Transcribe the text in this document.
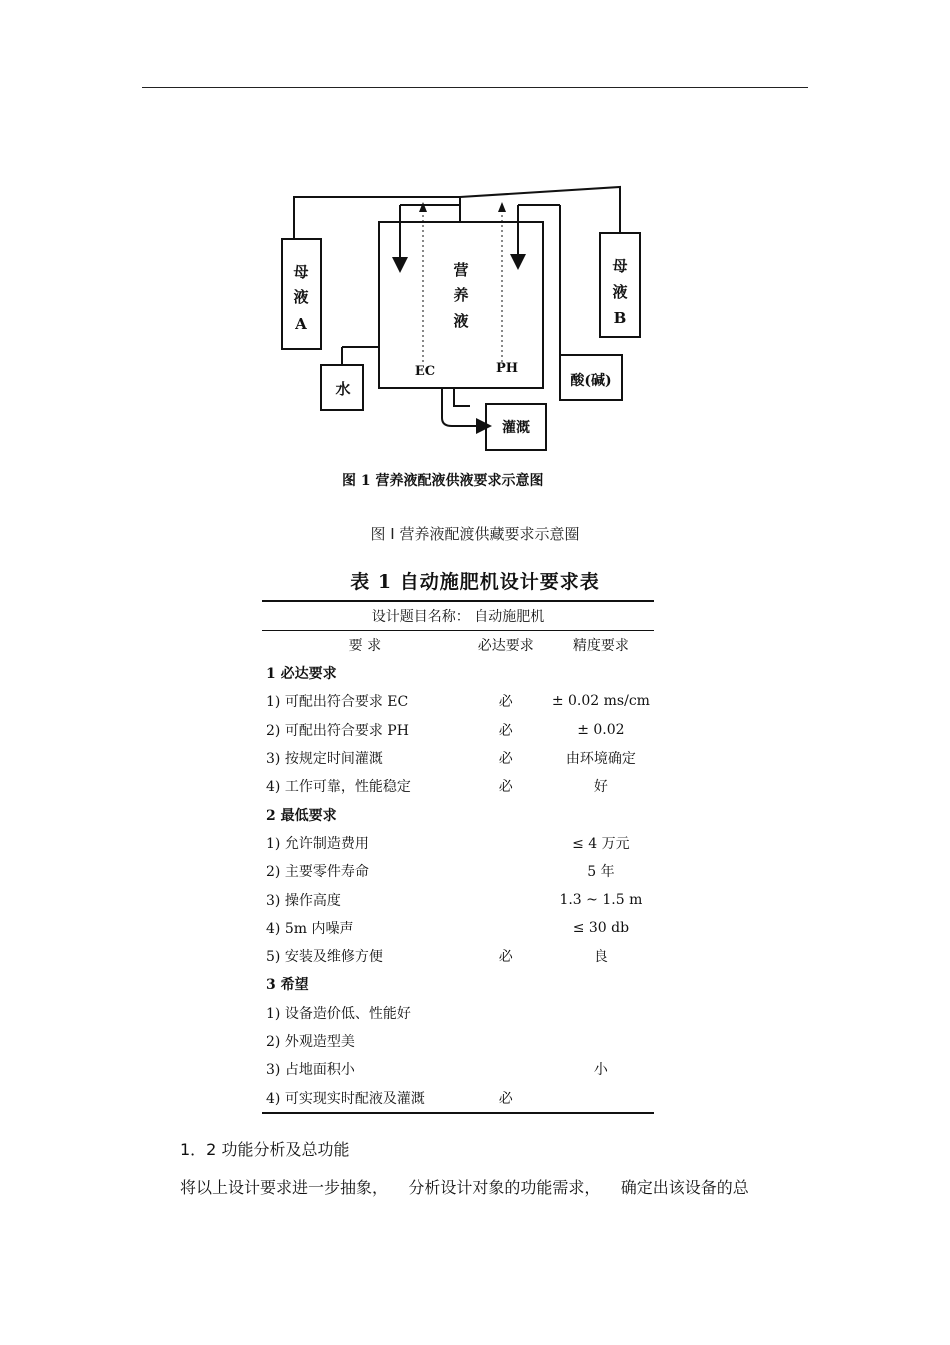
母
液
A
母
液
B
营
养
液
水	酸(碱)
灌溉
EC	PH
图 1 营养液配液供液要求示意图
图 I 营养液配渡供藏要求示意圈
表 1 自动施肥机设计要求表
设计题目名称： 自动施肥机		
要 求	必达要求	精度要求
1 必达要求		
1) 可配出符合要求 EC	必	± 0.02 ms/cm
2) 可配出符合要求 PH	必	± 0.02
3) 按规定时间灌溉	必	由环境确定
4) 工作可靠，性能稳定	必	好
2 最低要求		
1) 允许制造费用		≤ 4 万元
2) 主要零件寿命		5 年
3) 操作高度		1.3 ~ 1.5 m
4) 5m 内噪声		≤ 30 db
5) 安装及维修方便	必	良
3 希望		
1) 设备造价低、性能好		
2) 外观造型美		
3) 占地面积小		小
4) 可实现实时配液及灌溉	必	
1．2 功能分析及总功能
将以上设计要求进一步抽象，    分析设计对象的功能需求，    确定出该设备的总
